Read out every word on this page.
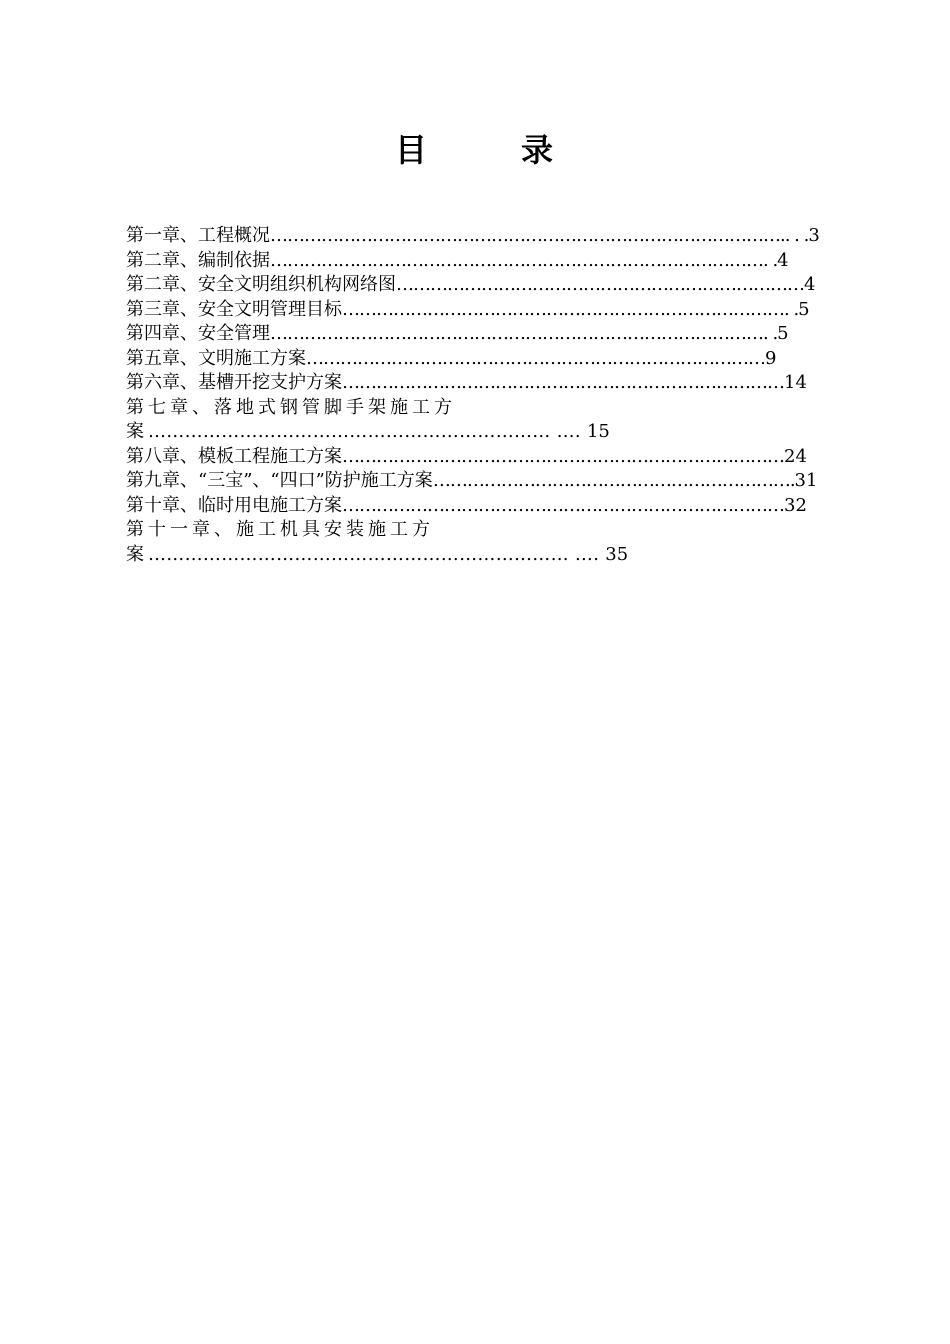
目	录
第一章、工程概况……………………………………………………………………………….. . .3
第二章、编制依据……………………………………………………………………………. .4
第二章、安全文明组织机构网络图………………………………………………………………4
第三章、安全文明管理目标……………………………………………………………………. .5
第四章、安全管理……………………………………………………………………………. .5
第五章、文明施工方案………………………………………………………………………9
第六章、基槽开挖支护方案……………………………………………………………………14
第七章、落地式钢管脚手架施工方案………………………………………………………… …. 15
第八章、模板工程施工方案……………………………………………………………………24
第九章、“三宝”、“四口”防护施工方案……………………………………………………….31
第十章、临时用电施工方案……………………………………………………………………32
第十一章、施工机具安装施工方案…………………………………………………………… …. 35
